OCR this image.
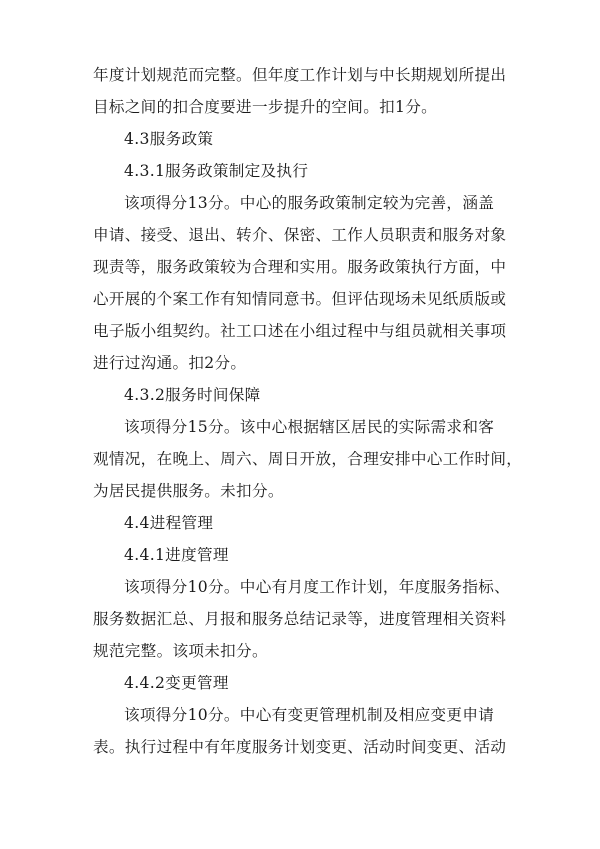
年度计划规范而完整。但年度工作计划与中长期规划所提出
目标之间的扣合度要进一步提升的空间。扣1分。
4.3服务政策
4.3.1服务政策制定及执行
该项得分13分。中心的服务政策制定较为完善，涵盖
申请、接受、退出、转介、保密、工作人员职责和服务对象
现责等，服务政策较为合理和实用。服务政策执行方面，中
心开展的个案工作有知情同意书。但评估现场未见纸质版或
电子版小组契约。社工口述在小组过程中与组员就相关事项
进行过沟通。扣2分。
4.3.2服务时间保障
该项得分15分。该中心根据辖区居民的实际需求和客
观情况，在晚上、周六、周日开放，合理安排中心工作时间，
为居民提供服务。未扣分。
4.4进程管理
4.4.1进度管理
该项得分10分。中心有月度工作计划，年度服务指标、
服务数据汇总、月报和服务总结记录等，进度管理相关资料
规范完整。该项未扣分。
4.4.2变更管理
该项得分10分。中心有变更管理机制及相应变更申请
表。执行过程中有年度服务计划变更、活动时间变更、活动
